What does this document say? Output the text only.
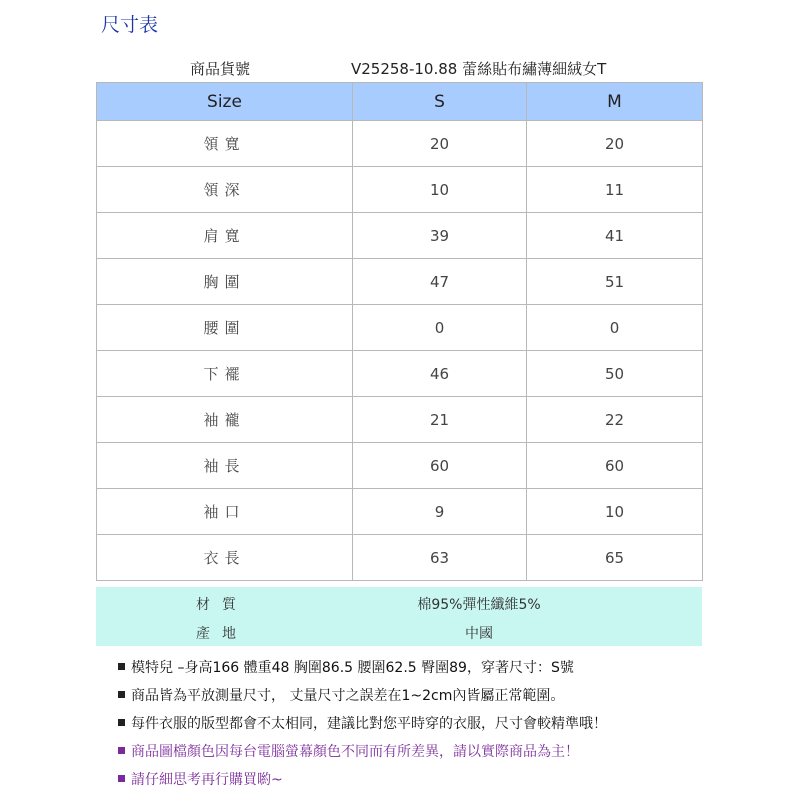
尺寸表
商品貨號	V25258-10.88 蕾絲貼布繡薄細絨女T
Size	S	M
領寬	20	20
領深	10	11
肩寬	39	41
胸圍	47	51
腰圍	0	0
下襬	46	50
袖襱	21	22
袖長	60	60
袖口	9	10
衣長	63	65
材質	棉95%彈性纖維5%
產地	中國
模特兒 –身高166 體重48 胸圍86.5 腰圍62.5 臀圍89，穿著尺寸：S號
商品皆為平放測量尺寸， 丈量尺寸之誤差在1~2cm內皆屬正常範圍。
每件衣服的版型都會不太相同，建議比對您平時穿的衣服，尺寸會較精準哦！
商品圖檔顏色因每台電腦螢幕顏色不同而有所差異，請以實際商品為主！
請仔細思考再行購買喲~
